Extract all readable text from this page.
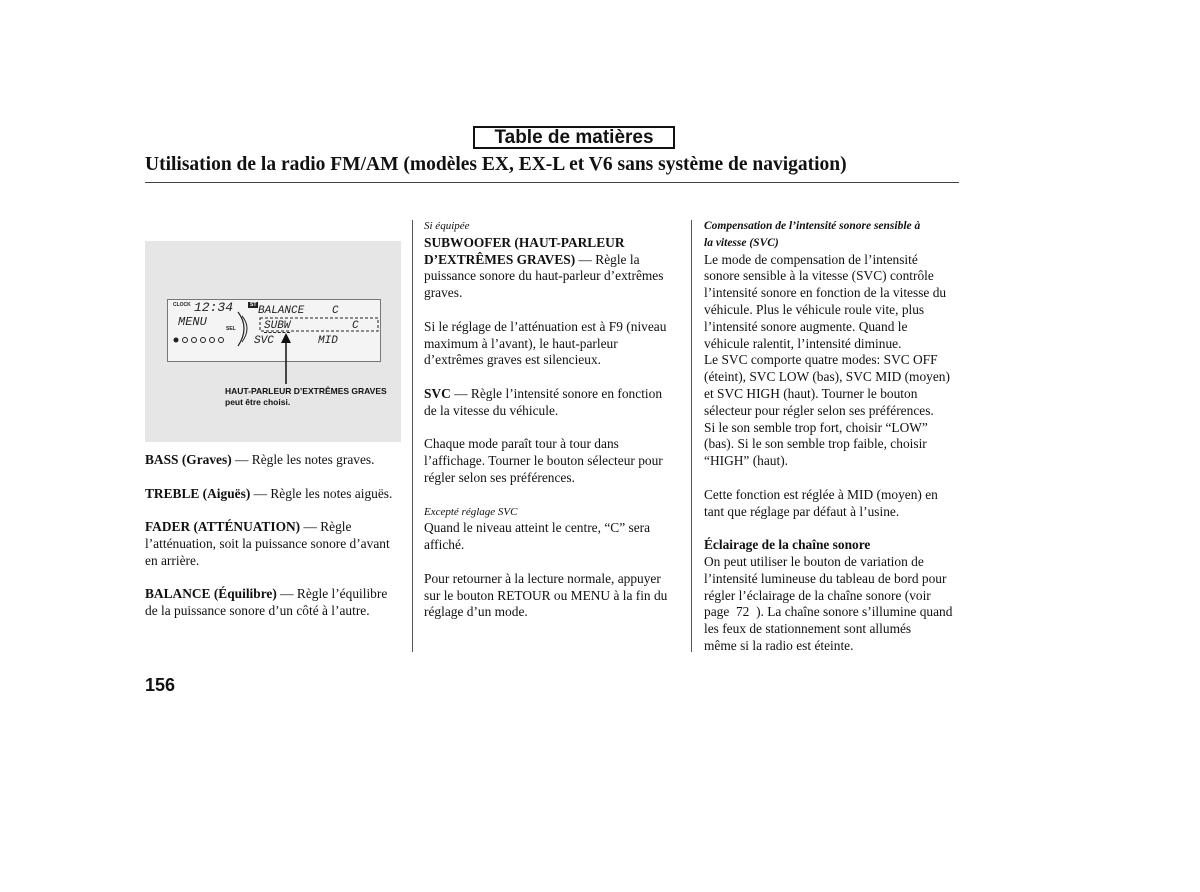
Table de matières
Utilisation de la radio FM/AM (modèles EX, EX-L et V6 sans système de navigation)
CLOCK 12:34	ST
MENU	SEL
BALANCE	C
SUBW	C
SVC	MID
HAUT-PARLEUR D’EXTRÊMES GRAVES peut être choisi.

BASS (Graves) — Règle les notes graves.

TREBLE (Aiguës) — Règle les notes aiguës.

FADER (ATTÉNUATION) — Règle
l’atténuation, soit la puissance sonore d’avant
en arrière.

BALANCE (Équilibre) — Règle l’équilibre
de la puissance sonore d’un côté à l’autre.

Si équipée

SUBWOOFER (HAUT-PARLEUR
D’EXTRÊMES GRAVES) — Règle la
puissance sonore du haut-parleur d’extrêmes
graves.

Si le réglage de l’atténuation est à F9 (niveau
maximum à l’avant), le haut-parleur
d’extrêmes graves est silencieux.

SVC — Règle l’intensité sonore en fonction
de la vitesse du véhicule.

Chaque mode paraît tour à tour dans
l’affichage. Tourner le bouton sélecteur pour
régler selon ses préférences.

Excepté réglage SVC

Quand le niveau atteint le centre, “C” sera
affiché.

Pour retourner à la lecture normale, appuyer
sur le bouton RETOUR ou MENU à la fin du
réglage d’un mode.

Compensation de l’intensité sonore sensible à
la vitesse (SVC)

Le mode de compensation de l’intensité
sonore sensible à la vitesse (SVC) contrôle
l’intensité sonore en fonction de la vitesse du
véhicule. Plus le véhicule roule vite, plus
l’intensité sonore augmente. Quand le
véhicule ralentit, l’intensité diminue.
Le SVC comporte quatre modes: SVC OFF
(éteint), SVC LOW (bas), SVC MID (moyen)
et SVC HIGH (haut). Tourner le bouton
sélecteur pour régler selon ses préférences.
Si le son semble trop fort, choisir “LOW”
(bas). Si le son semble trop faible, choisir
“HIGH” (haut).

Cette fonction est réglée à MID (moyen) en
tant que réglage par défaut à l’usine.

Éclairage de la chaîne sonore

On peut utiliser le bouton de variation de
l’intensité lumineuse du tableau de bord pour
régler l’éclairage de la chaîne sonore (voir
page 72 ). La chaîne sonore s’illumine quand
les feux de stationnement sont allumés
même si la radio est éteinte.

156
